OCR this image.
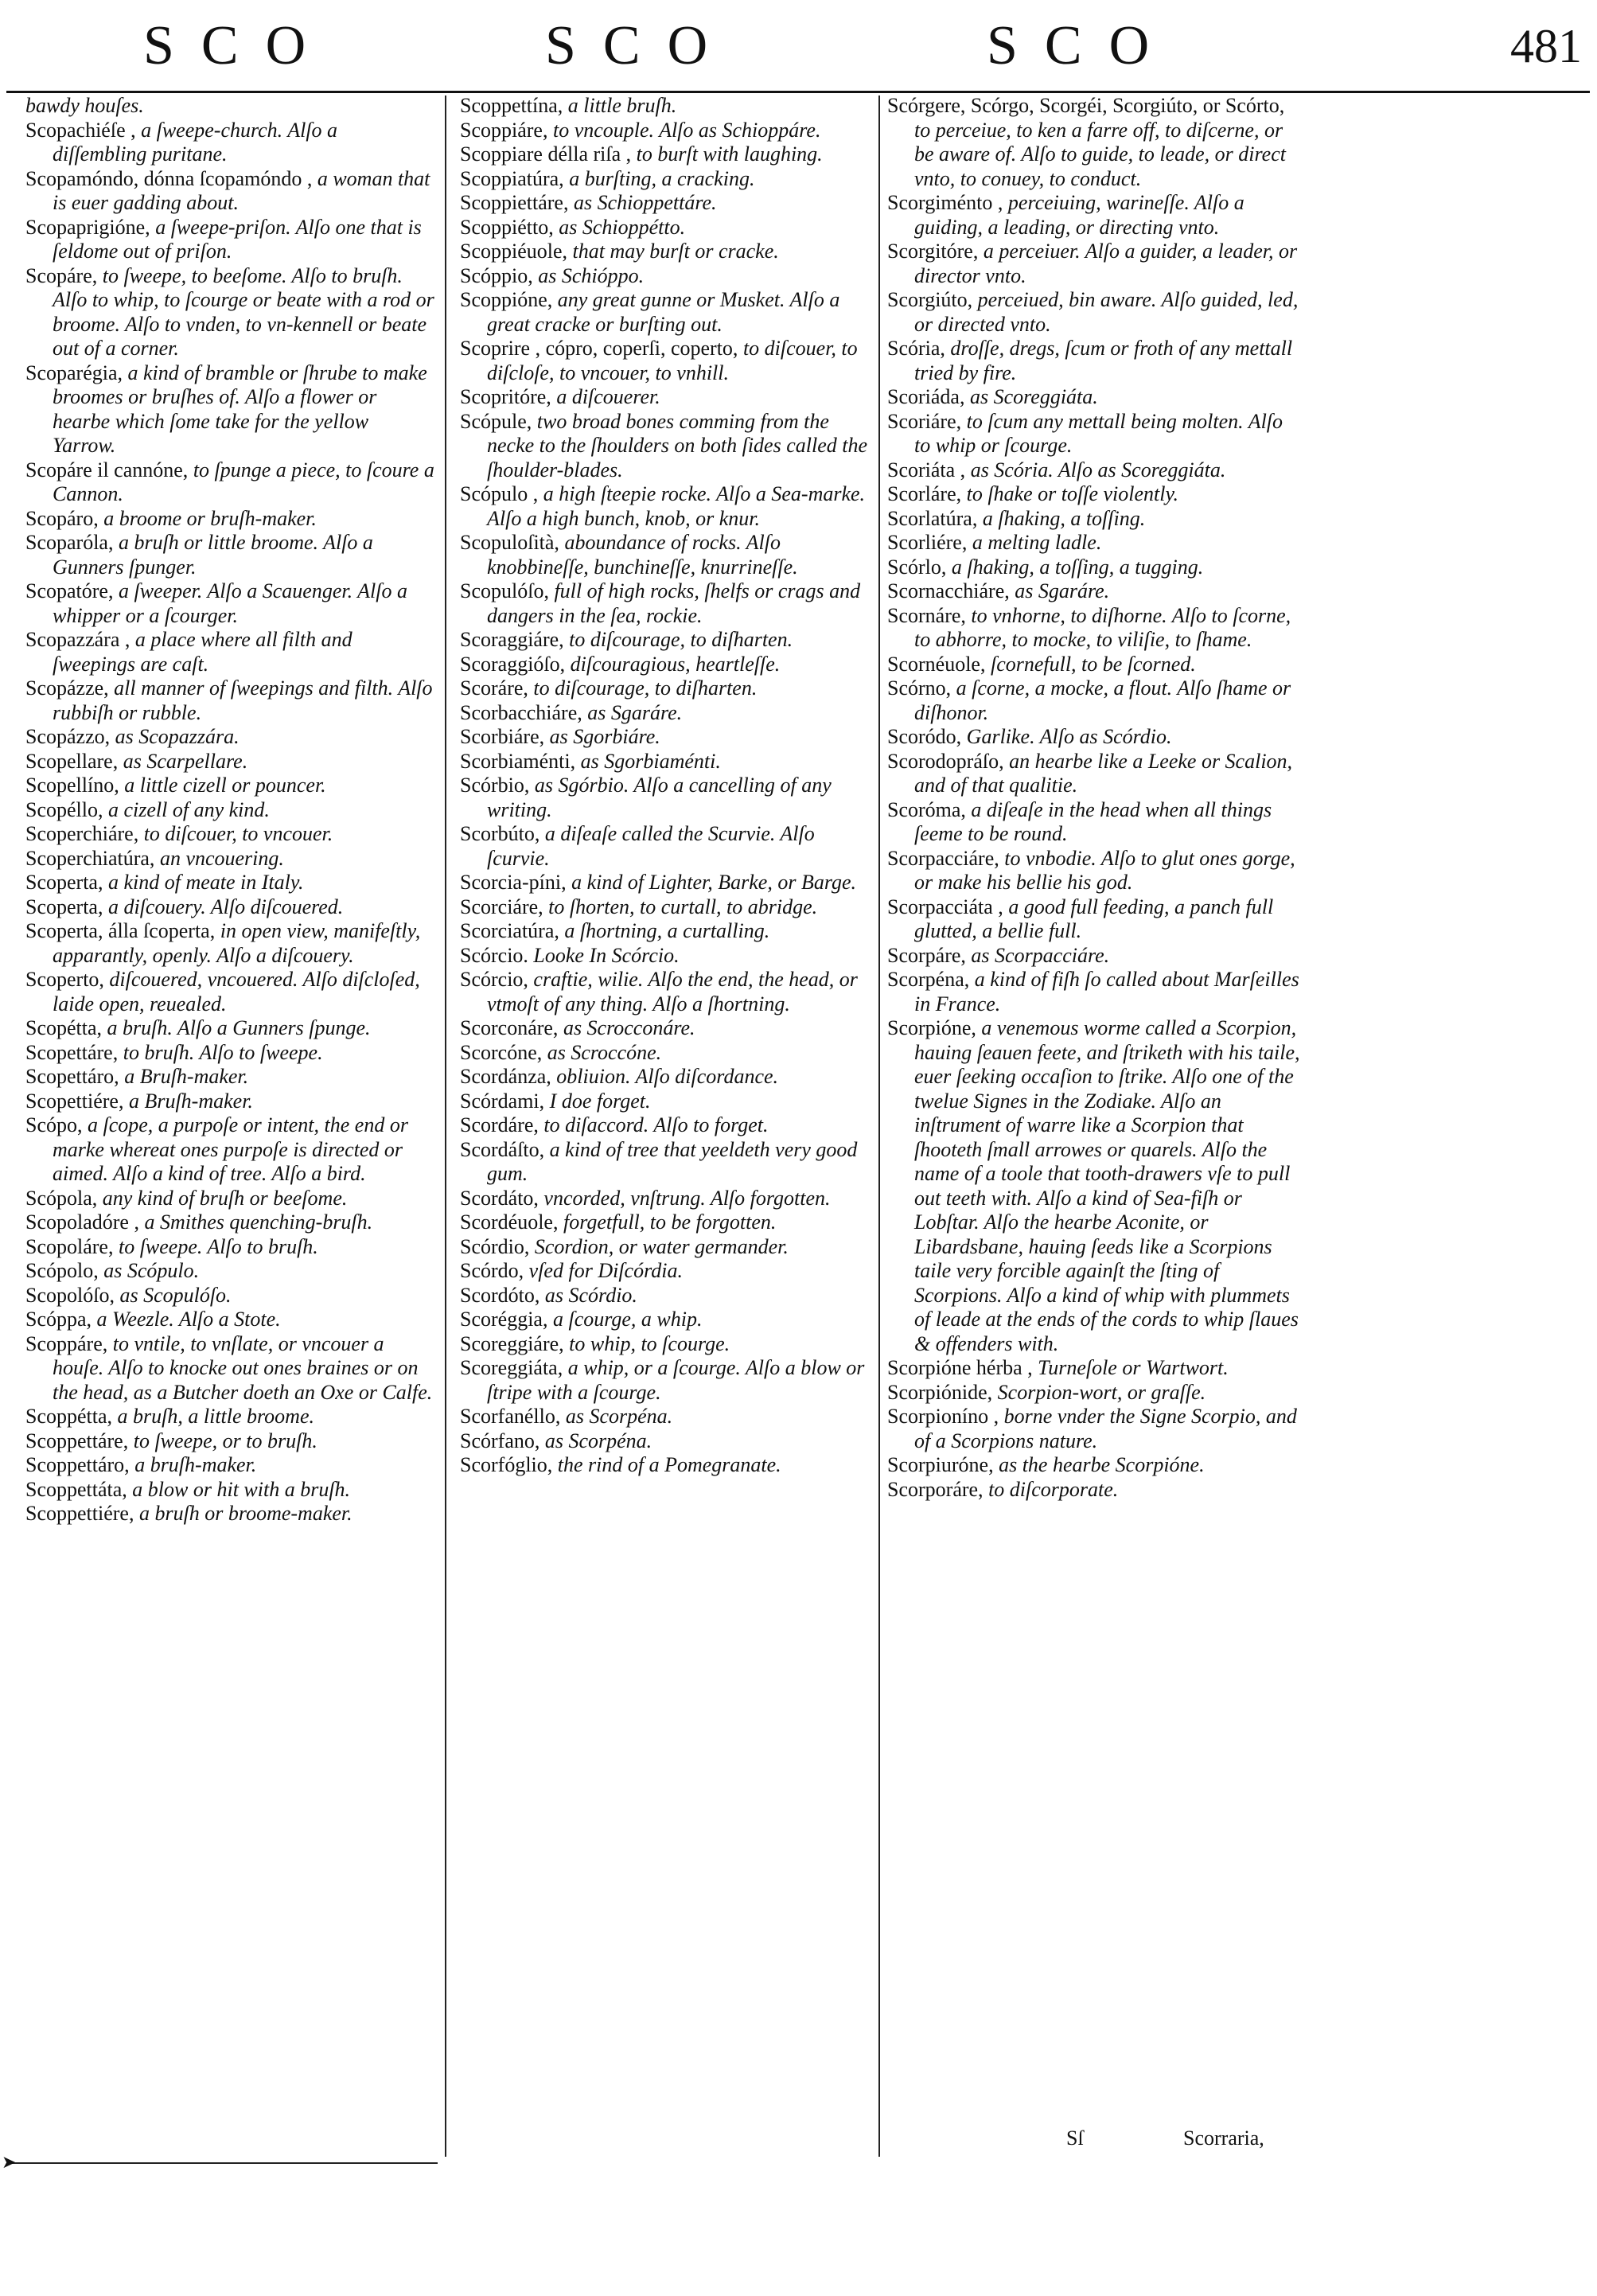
SCO	SCO	SCO	481

bawdy houſes.

Scopachiéſe , a ſweepe-church. Alſo a diſſembling puritane.

Scopamóndo, dónna ſcopamóndo , a woman that is euer gadding about.

Scopaprigióne, a ſweepe-priſon. Alſo one that is ſeldome out of priſon.

Scopáre, to ſweepe, to beeſome. Alſo to bruſh. Alſo to whip, to ſcourge or beate with a rod or broome. Alſo to vnden, to vn-kennell or beate out of a corner.

Scoparégia, a kind of bramble or ſhrube to make broomes or bruſhes of. Alſo a flower or hearbe which ſome take for the yellow Yarrow.

Scopáre il cannóne, to ſpunge a piece, to ſcoure a Cannon.

Scopáro, a broome or bruſh-maker.

Scoparóla, a bruſh or little broome. Alſo a Gunners ſpunger.

Scopatóre, a ſweeper. Alſo a Scauenger. Alſo a whipper or a ſcourger.

Scopazzára , a place where all filth and ſweepings are caſt.

Scopázze, all manner of ſweepings and filth. Alſo rubbiſh or rubble.

Scopázzo, as Scopazzára.

Scopellare, as Scarpellare.

Scopellíno, a little cizell or pouncer.

Scopéllo, a cizell of any kind.

Scoperchiáre, to diſcouer, to vncouer.

Scoperchiatúra, an vncouering.

Scoperta, a kind of meate in Italy.

Scoperta, a diſcouery. Alſo diſcouered.

Scoperta, álla ſcoperta, in open view, manifeſtly, apparantly, openly. Alſo a diſcouery.

Scoperto, diſcouered, vncouered. Alſo diſcloſed, laide open, reuealed.

Scopétta, a bruſh. Alſo a Gunners ſpunge.

Scopettáre, to bruſh. Alſo to ſweepe.

Scopettáro, a Bruſh-maker.

Scopettiére, a Bruſh-maker.

Scópo, a ſcope, a purpoſe or intent, the end or marke whereat ones purpoſe is directed or aimed. Alſo a kind of tree. Alſo a bird.

Scópola, any kind of bruſh or beeſome.

Scopoladóre , a Smithes quenching-bruſh.

Scopoláre, to ſweepe. Alſo to bruſh.

Scópolo, as Scópulo.

Scopolóſo, as Scopulóſo.

Scóppa, a Weezle. Alſo a Stote.

Scoppáre, to vntile, to vnſlate, or vncouer a houſe. Alſo to knocke out ones braines or on the head, as a Butcher doeth an Oxe or Calfe.

Scoppétta, a bruſh, a little broome.

Scoppettáre, to ſweepe, or to bruſh.

Scoppettáro, a bruſh-maker.

Scoppettáta, a blow or hit with a bruſh.

Scoppettiére, a bruſh or broome-maker.

Scoppettína, a little bruſh.

Scoppiáre, to vncouple. Alſo as Schioppáre.

Scoppiare délla riſa , to burſt with laughing.

Scoppiatúra, a burſting, a cracking.

Scoppiettáre, as Schioppettáre.

Scoppiétto, as Schioppétto.

Scoppiéuole, that may burſt or cracke.

Scóppio, as Schióppo.

Scoppióne, any great gunne or Musket. Alſo a great cracke or burſting out.

Scoprire , cópro, coperſi, coperto, to diſcouer, to diſcloſe, to vncouer, to vnhill.

Scopritóre, a diſcouerer.

Scópule, two broad bones comming from the necke to the ſhoulders on both ſides called the ſhoulder-blades.

Scópulo , a high ſteepie rocke. Alſo a Sea-marke. Alſo a high bunch, knob, or knur.

Scopuloſità, aboundance of rocks. Alſo knobbineſſe, bunchineſſe, knurrineſſe.

Scopulóſo, full of high rocks, ſhelfs or crags and dangers in the ſea, rockie.

Scoraggiáre, to diſcourage, to diſharten.

Scoraggióſo, diſcouragious, heartleſſe.

Scoráre, to diſcourage, to diſharten.

Scorbacchiáre, as Sgaráre.

Scorbiáre, as Sgorbiáre.

Scorbiaménti, as Sgorbiaménti.

Scórbio, as Sgórbio. Alſo a cancelling of any writing.

Scorbúto, a diſeaſe called the Scurvie. Alſo ſcurvie.

Scorcia-píni, a kind of Lighter, Barke, or Barge.

Scorciáre, to ſhorten, to curtall, to abridge.

Scorciatúra, a ſhortning, a curtalling.

Scórcio. Looke In Scórcio.

Scórcio, craftie, wilie. Alſo the end, the head, or vtmoſt of any thing. Alſo a ſhortning.

Scorconáre, as Scrocconáre.

Scorcóne, as Scroccóne.

Scordánza, obliuion. Alſo diſcordance.

Scórdami, I doe forget.

Scordáre, to diſaccord. Alſo to forget.

Scordáſto, a kind of tree that yeeldeth very good gum.

Scordáto, vncorded, vnſtrung. Alſo forgotten.

Scordéuole, forgetfull, to be forgotten.

Scórdio, Scordion, or water germander.

Scórdo, vſed for Diſcórdia.

Scordóto, as Scórdio.

Scoréggia, a ſcourge, a whip.

Scoreggiáre, to whip, to ſcourge.

Scoreggiáta, a whip, or a ſcourge. Alſo a blow or ſtripe with a ſcourge.

Scorfanéllo, as Scorpéna.

Scórfano, as Scorpéna.

Scorfóglio, the rind of a Pomegranate.

Scórgere, Scórgo, Scorgéi, Scorgiúto, or Scórto, to perceiue, to ken a farre off, to diſcerne, or be aware of. Alſo to guide, to leade, or direct vnto, to conuey, to conduct.

Scorgiménto , perceiuing, warineſſe. Alſo a guiding, a leading, or directing vnto.

Scorgitóre, a perceiuer. Alſo a guider, a leader, or director vnto.

Scorgiúto, perceiued, bin aware. Alſo guided, led, or directed vnto.

Scória, droſſe, dregs, ſcum or froth of any mettall tried by fire.

Scoriáda, as Scoreggiáta.

Scoriáre, to ſcum any mettall being molten. Alſo to whip or ſcourge.

Scoriáta , as Scória. Alſo as Scoreggiáta.

Scorláre, to ſhake or toſſe violently.

Scorlatúra, a ſhaking, a toſſing.

Scorliére, a melting ladle.

Scórlo, a ſhaking, a toſſing, a tugging.

Scornacchiáre, as Sgaráre.

Scornáre, to vnhorne, to diſhorne. Alſo to ſcorne, to abhorre, to mocke, to viliſie, to ſhame.

Scornéuole, ſcornefull, to be ſcorned.

Scórno, a ſcorne, a mocke, a flout. Alſo ſhame or diſhonor.

Scoródo, Garlike. Alſo as Scórdio.

Scorodopráſo, an hearbe like a Leeke or Scalion, and of that qualitie.

Scoróma, a diſeaſe in the head when all things ſeeme to be round.

Scorpacciáre, to vnbodie. Alſo to glut ones gorge, or make his bellie his god.

Scorpacciáta , a good full feeding, a panch full glutted, a bellie full.

Scorpáre, as Scorpacciáre.

Scorpéna, a kind of fiſh ſo called about Marſeilles in France.

Scorpióne, a venemous worme called a Scorpion, hauing ſeauen feete, and ſtriketh with his taile, euer ſeeking occaſion to ſtrike. Alſo one of the twelue Signes in the Zodiake. Alſo an inſtrument of warre like a Scorpion that ſhooteth ſmall arrowes or quarels. Alſo the name of a toole that tooth-drawers vſe to pull out teeth with. Alſo a kind of Sea-fiſh or Lobſtar. Alſo the hearbe Aconite, or Libardsbane, hauing ſeeds like a Scorpions taile very forcible againſt the ſting of Scorpions. Alſo a kind of whip with plummets of leade at the ends of the cords to whip ſlaues & offenders with.

Scorpióne hérba , Turneſole or Wartwort.

Scorpiónide, Scorpion-wort, or graſſe.

Scorpioníno , borne vnder the Signe Scorpio, and of a Scorpions nature.

Scorpiuróne, as the hearbe Scorpióne.

Scorporáre, to diſcorporate.

Sſ	Scorraria,
➤
